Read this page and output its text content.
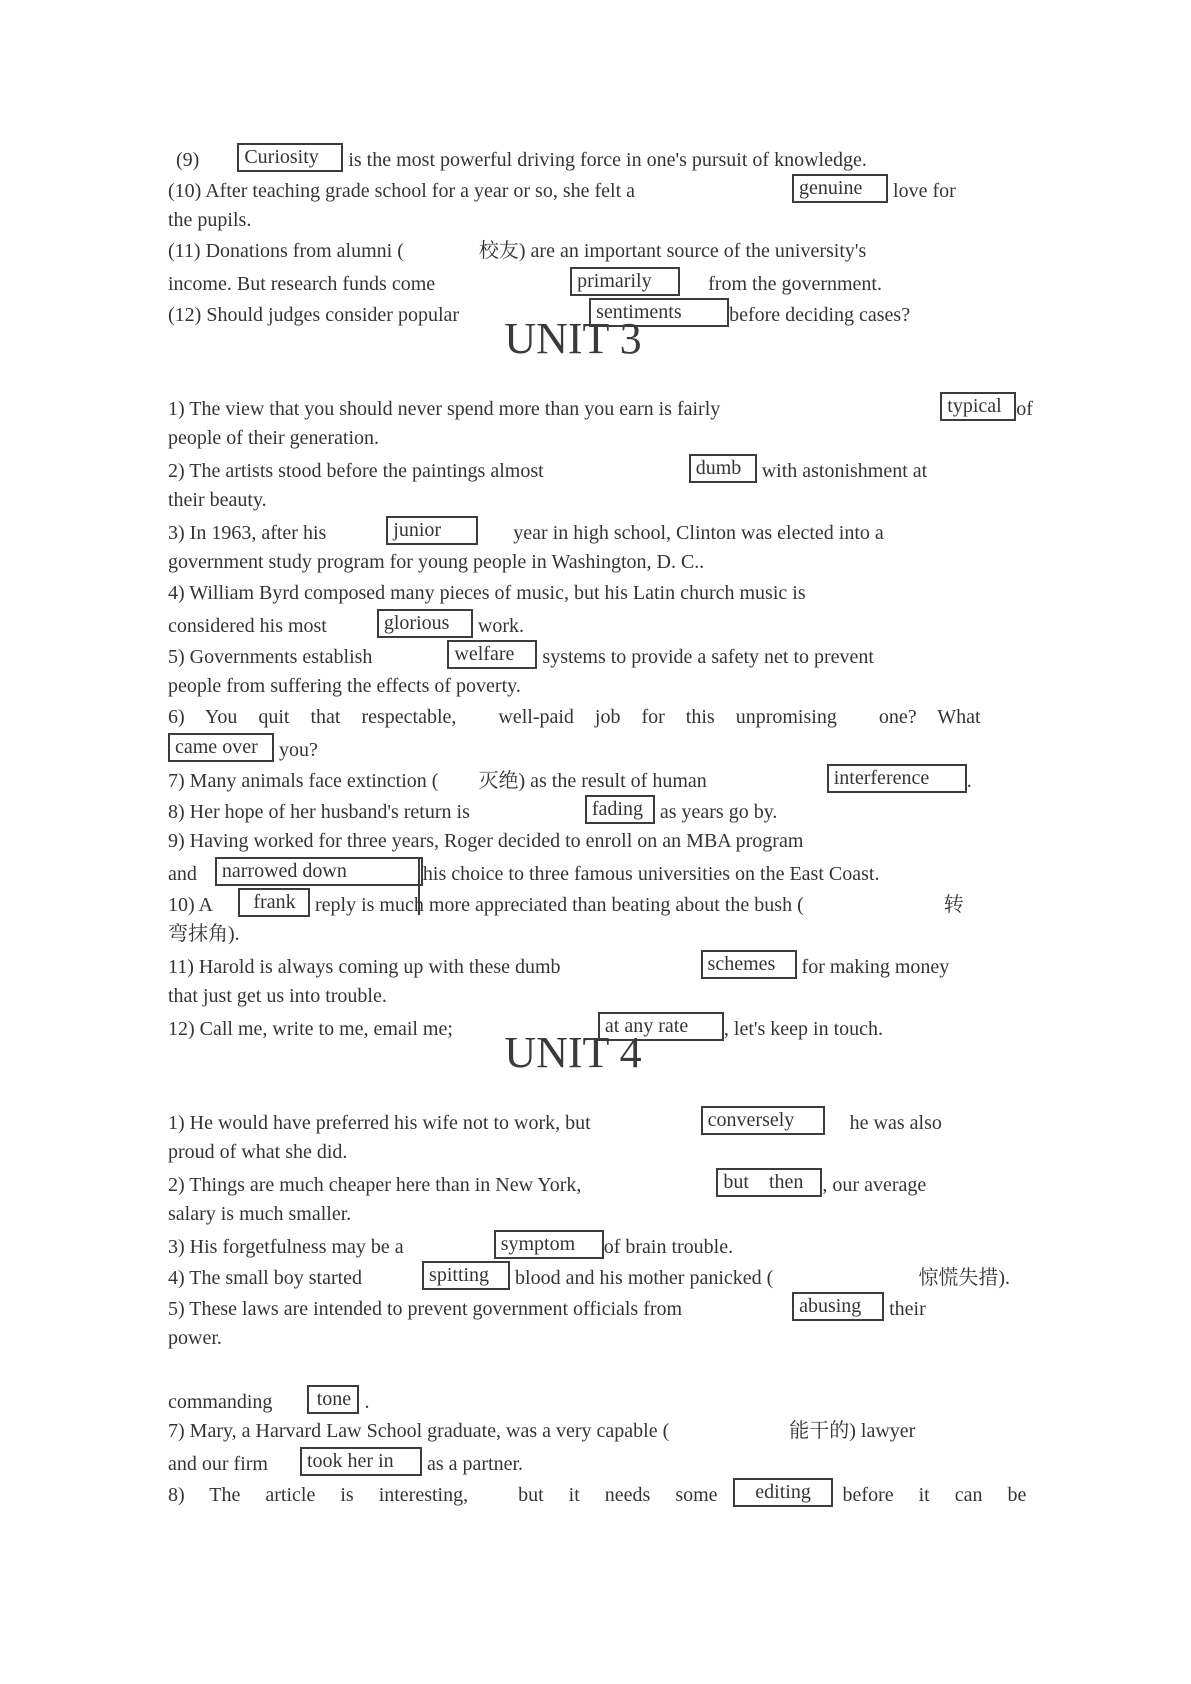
(9) Curiosity is the most powerful driving force in one's pursuit of knowledge.
(10) After teaching grade school for a year or so, she felt a	genuine love for
the pupils.
(11) Donations from alumni (	校友) are an important source of the university's
income. But research funds come	primarily	from the government.
(12) Should judges consider popular	sentiments before deciding cases?
UNIT 3
1) The view that you should never spend more than you earn is fairly	typical of
people of their generation.
2) The artists stood before the paintings almost	dumb with astonishment at
their beauty.
3) In 1963, after his	junior	year in high school, Clinton was elected into a
government study program for young people in Washington, D. C..
4) William Byrd composed many pieces of music, but his Latin church music is
considered his most	glorious work.
5) Governments establish	welfare systems to provide a safety net to prevent
people from suffering the effects of poverty.
6) You quit that respectable,  well-paid job for this unpromising  one? What
came over you?
7) Many animals face extinction ( 灭绝) as the result of human	interference .
8) Her hope of her husband's return is	fading as years go by.
9) Having worked for three years, Roger decided to enroll on an MBA program
and narrowed down	his choice to three famous universities on the East Coast.
10) A frank reply is much more appreciated than beating about the bush (	转
弯抹角).
11) Harold is always coming up with these dumb	schemes for making money
that just get us into trouble.
12) Call me, write to me, email me;	at any rate , let's keep in touch.
UNIT 4
1) He would have preferred his wife not to work, but	conversely	he was also
proud of what she did.
2) Things are much cheaper here than in New York,	but    then , our average
salary is much smaller.
3) His forgetfulness may be a	symptom of brain trouble.
4) The small boy started	spitting blood and his mother panicked (	惊慌失措).
5) These laws are intended to prevent government officials from	abusing their
power.
commanding tone .
7) Mary, a Harvard Law School graduate, was a very capable (	能干的) lawyer
and our firm took her in as a partner.
8) The article is interesting,  but it needs some editing before it can be
